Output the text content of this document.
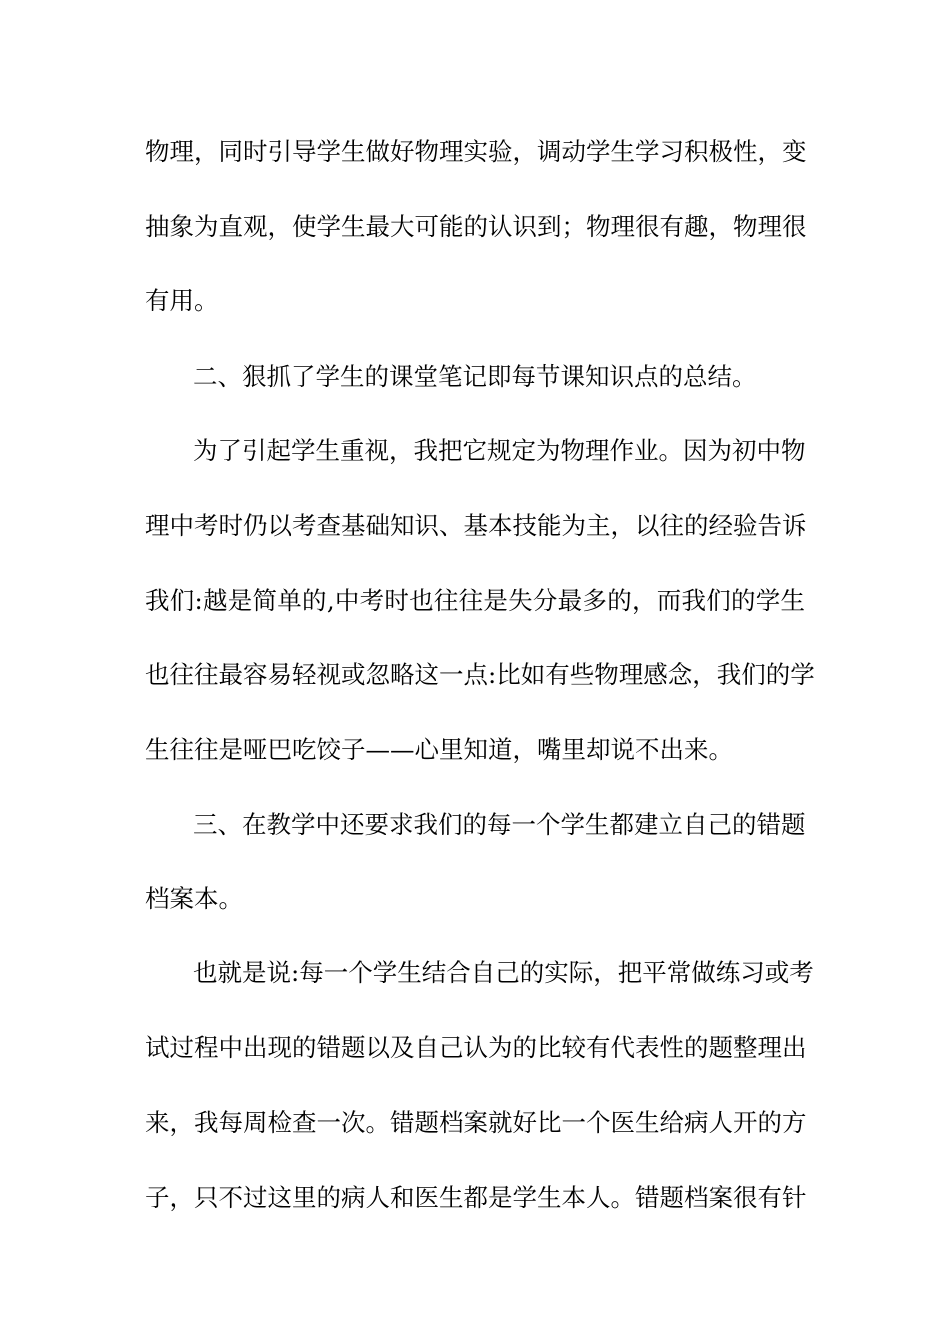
物理，同时引导学生做好物理实验，调动学生学习积极性，变
抽象为直观，使学生最大可能的认识到；物理很有趣，物理很
有用。
二、狠抓了学生的课堂笔记即每节课知识点的总结。
为了引起学生重视，我把它规定为物理作业。因为初中物
理中考时仍以考查基础知识、基本技能为主，以往的经验告诉
我们:越是简单的,中考时也往往是失分最多的，而我们的学生
也往往最容易轻视或忽略这一点:比如有些物理感念，我们的学
生往往是哑巴吃饺子——心里知道，嘴里却说不出来。
三、在教学中还要求我们的每一个学生都建立自己的错题
档案本。
也就是说:每一个学生结合自己的实际，把平常做练习或考
试过程中出现的错题以及自己认为的比较有代表性的题整理出
来，我每周检查一次。错题档案就好比一个医生给病人开的方
子，只不过这里的病人和医生都是学生本人。错题档案很有针
